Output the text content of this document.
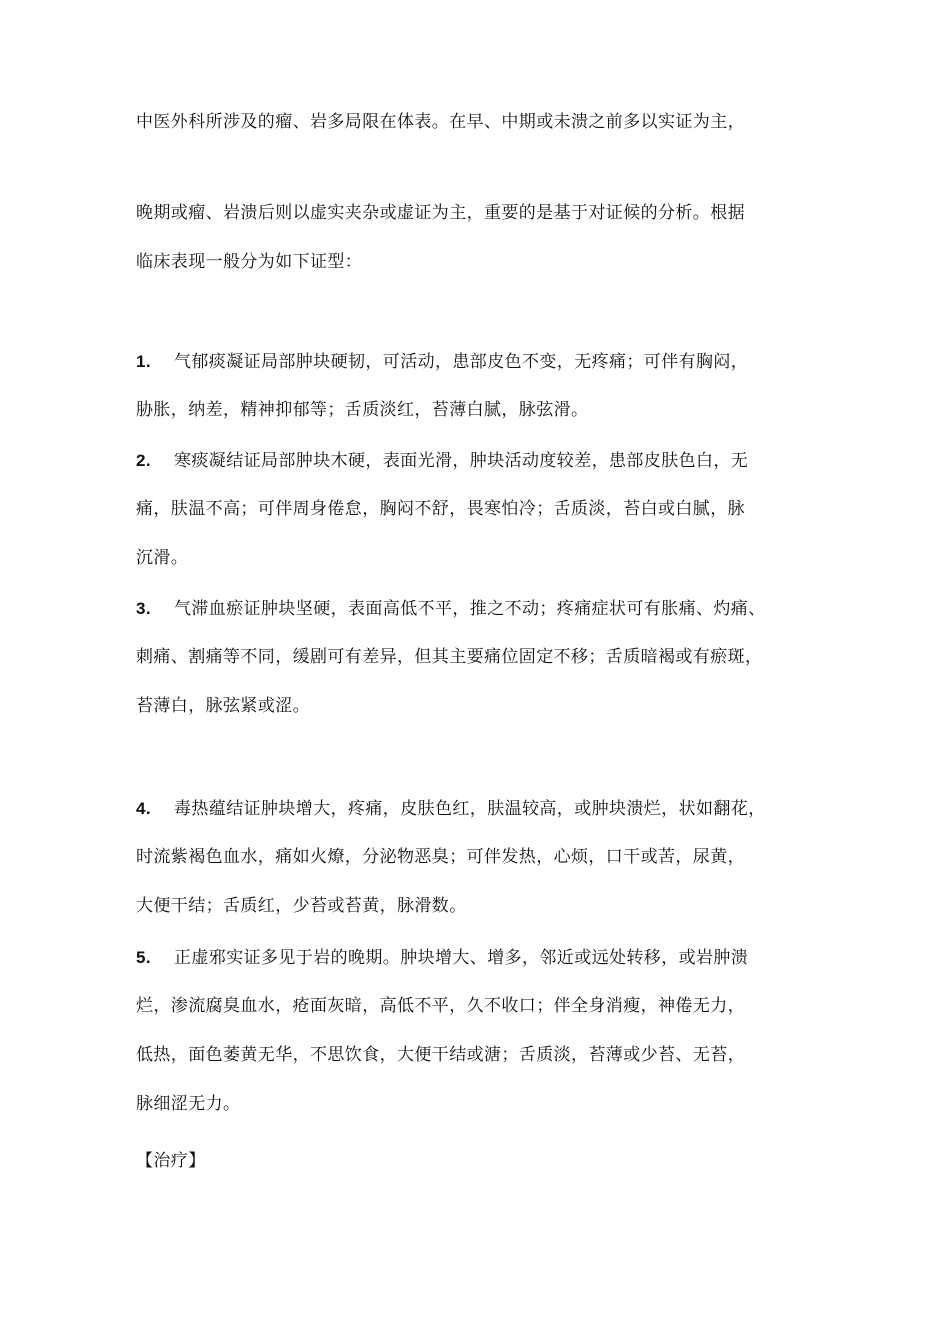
中医外科所涉及的瘤、岩多局限在体表。在早、中期或未溃之前多以实证为主，
晚期或瘤、岩溃后则以虚实夹杂或虚证为主，重要的是基于对证候的分析。根据
临床表现一般分为如下证型：
1. 气郁痰凝证局部肿块硬韧，可活动，患部皮色不变，无疼痛；可伴有胸闷，
胁胀，纳差，精神抑郁等；舌质淡红，苔薄白腻，脉弦滑。
2. 寒痰凝结证局部肿块木硬，表面光滑，肿块活动度较差，患部皮肤色白，无
痛，肤温不高；可伴周身倦怠，胸闷不舒，畏寒怕冷；舌质淡，苔白或白腻，脉
沉滑。
3. 气滞血瘀证肿块坚硬，表面高低不平，推之不动；疼痛症状可有胀痛、灼痛、
刺痛、割痛等不同，缓剧可有差异，但其主要痛位固定不移；舌质暗褐或有瘀斑，
苔薄白，脉弦紧或涩。
4. 毒热蕴结证肿块增大，疼痛，皮肤色红，肤温较高，或肿块溃烂，状如翻花，
时流紫褐色血水，痛如火燎，分泌物恶臭；可伴发热，心烦，口干或苦，尿黄，
大便干结；舌质红，少苔或苔黄，脉滑数。
5. 正虚邪实证多见于岩的晚期。肿块增大、增多，邻近或远处转移，或岩肿溃
烂，渗流腐臭血水，疮面灰暗，高低不平，久不收口；伴全身消瘦，神倦无力，
低热，面色萎黄无华，不思饮食，大便干结或溏；舌质淡，苔薄或少苔、无苔，
脉细涩无力。
【治疗】
